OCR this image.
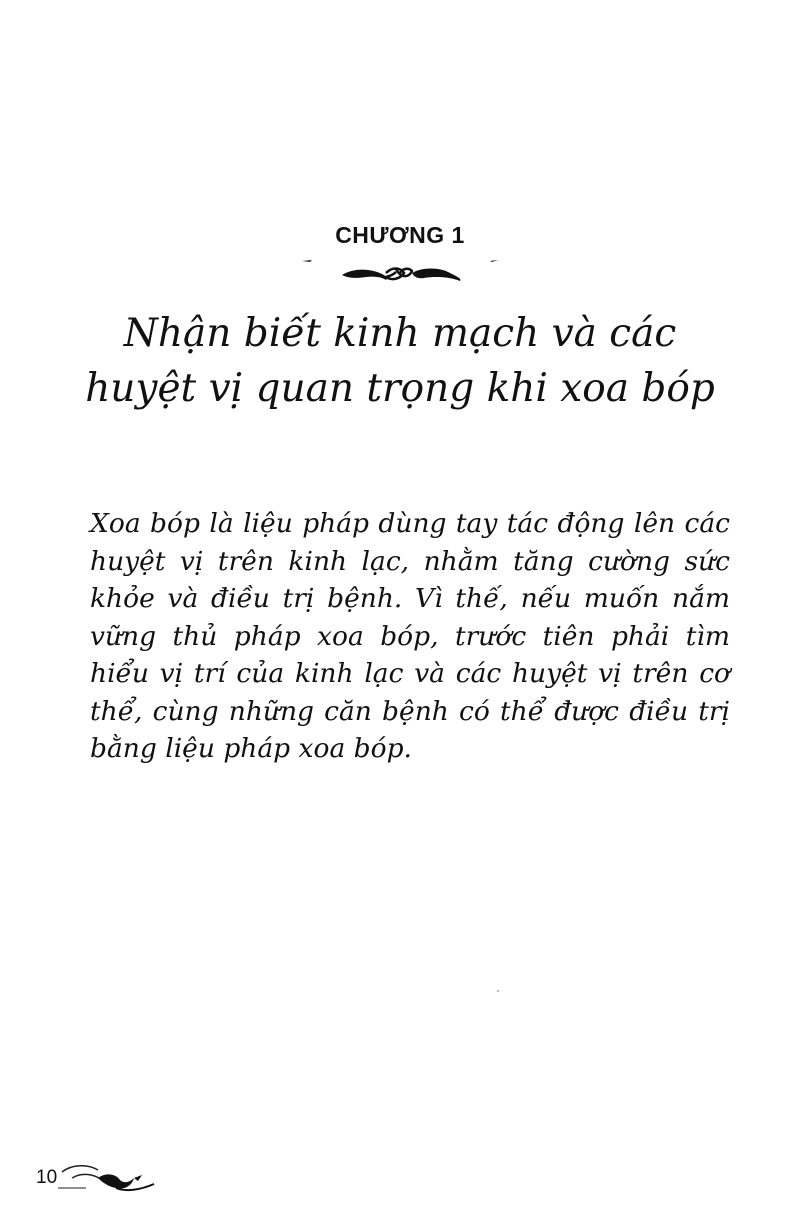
CHƯƠNG 1
Nhận biết kinh mạch và các
huyệt vị quan trọng khi xoa bóp

Xoa bóp là liệu pháp dùng tay tác động lên các huyệt vị trên kinh lạc, nhằm tăng cường sức khỏe và điều trị bệnh. Vì thế, nếu muốn nắm vững thủ pháp xoa bóp, trước tiên phải tìm hiểu vị trí của kinh lạc và các huyệt vị trên cơ thể, cùng những căn bệnh có thể được điều trị bằng liệu pháp xoa bóp.

10
